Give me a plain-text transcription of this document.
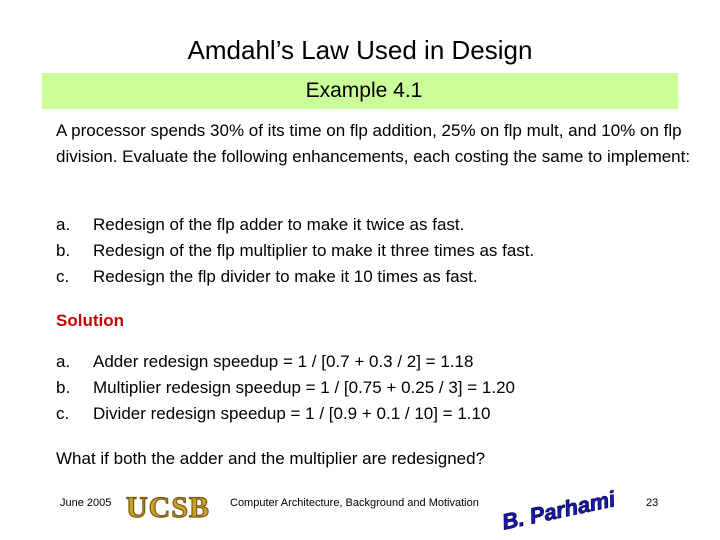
Amdahl’s Law Used in Design
Example 4.1
A processor spends 30% of its time on flp addition, 25% on flp mult, and 10% on flp division. Evaluate the following enhancements, each costing the same to implement:
a.	Redesign of the flp adder to make it twice as fast.
b.	Redesign of the flp multiplier to make it three times as fast.
c.	Redesign the flp divider to make it 10 times as fast.
Solution
a.	Adder redesign speedup = 1 / [0.7 + 0.3 / 2] = 1.18
b.	Multiplier redesign speedup = 1 / [0.75 + 0.25 / 3] = 1.20
c.	Divider redesign speedup = 1 / [0.9 + 0.1 / 10] = 1.10
What if both the adder and the multiplier are redesigned?
June 2005 UCSB Computer Architecture, Background and Motivation B. Parhami	23
